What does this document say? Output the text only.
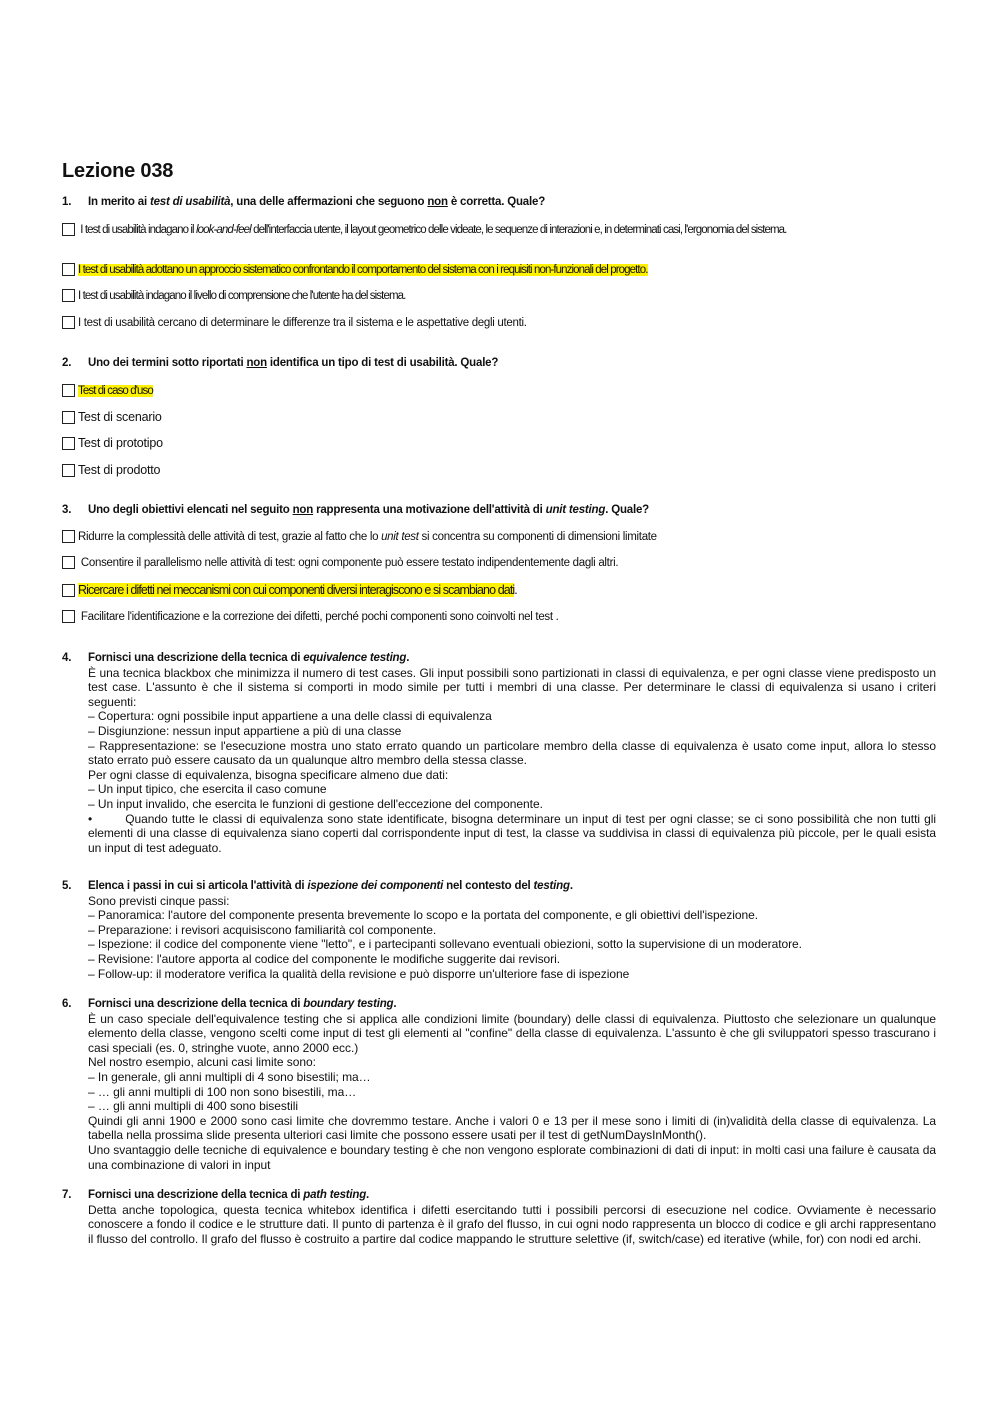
Lezione 038
1. In merito ai test di usabilità, una delle affermazioni che seguono non è corretta. Quale?
I test di usabilità indagano il look-and-feel dell'interfaccia utente, il layout geometrico delle videate, le sequenze di interazioni e, in determinati casi, l'ergonomia del sistema.
I test di usabilità adottano un approccio sistematico confrontando il comportamento del sistema con i requisiti non-funzionali del progetto.
I test di usabilità indagano il livello di comprensione che l'utente ha del sistema.
I test di usabilità cercano di determinare le differenze tra il sistema e le aspettative degli utenti.
2. Uno dei termini sotto riportati non identifica un tipo di test di usabilità. Quale?
Test di caso d'uso
Test di scenario
Test di prototipo
Test di prodotto
3. Uno degli obiettivi elencati nel seguito non rappresenta una motivazione dell'attività di unit testing. Quale?
Ridurre la complessità delle attività di test, grazie al fatto che lo unit test si concentra su componenti di dimensioni limitate
Consentire il parallelismo nelle attività di test: ogni componente può essere testato indipendentemente dagli altri.
Ricercare i difetti nei meccanismi con cui componenti diversi interagiscono e si scambiano dati.
Facilitare l'identificazione e la correzione dei difetti, perché pochi componenti sono coinvolti nel test .

4. Fornisci una descrizione della tecnica di equivalence testing.

È una tecnica blackbox che minimizza il numero di test cases. Gli input possibili sono partizionati in classi di equivalenza, e per ogni classe viene predisposto un test case. L'assunto è che il sistema si comporti in modo simile per tutti i membri di una classe. Per determinare le classi di equivalenza si usano i criteri seguenti:

– Copertura: ogni possibile input appartiene a una delle classi di equivalenza

– Disgiunzione: nessun input appartiene a più di una classe

– Rappresentazione: se l'esecuzione mostra uno stato errato quando un particolare membro della classe di equivalenza è usato come input, allora lo stesso stato errato può essere causato da un qualunque altro membro della stessa classe.

Per ogni classe di equivalenza, bisogna specificare almeno due dati:

– Un input tipico, che esercita il caso comune

– Un input invalido, che esercita le funzioni di gestione dell'eccezione del componente.

•        Quando tutte le classi di equivalenza sono state identificate, bisogna determinare un input di test per ogni classe; se ci sono possibilità che non tutti gli elementi di una classe di equivalenza siano coperti dal corrispondente input di test, la classe va suddivisa in classi di equivalenza più piccole, per le quali esista un input di test adeguato.

5. Elenca i passi in cui si articola l'attività di ispezione dei componenti nel contesto del testing.

Sono previsti cinque passi:

– Panoramica: l'autore del componente presenta brevemente lo scopo e la portata del componente, e gli obiettivi dell'ispezione.

– Preparazione: i revisori acquisiscono familiarità col componente.

– Ispezione: il codice del componente viene "letto", e i partecipanti sollevano eventuali obiezioni, sotto la supervisione di un moderatore.

– Revisione: l'autore apporta al codice del componente le modifiche suggerite dai revisori.

– Follow-up: il moderatore verifica la qualità della revisione e può disporre un'ulteriore fase di ispezione

6. Fornisci una descrizione della tecnica di boundary testing.

È un caso speciale dell'equivalence testing che si applica alle condizioni limite (boundary) delle classi di equivalenza. Piuttosto che selezionare un qualunque elemento della classe, vengono scelti come input di test gli elementi al "confine" della classe di equivalenza. L'assunto è che gli sviluppatori spesso trascurano i casi speciali (es. 0, stringhe vuote, anno 2000 ecc.)

Nel nostro esempio, alcuni casi limite sono:

– In generale, gli anni multipli di 4 sono bisestili; ma…

– … gli anni multipli di 100 non sono bisestili, ma…

– … gli anni multipli di 400 sono bisestili

Quindi gli anni 1900 e 2000 sono casi limite che dovremmo testare. Anche i valori 0 e 13 per il mese sono i limiti di (in)validità della classe di equivalenza. La tabella nella prossima slide presenta ulteriori casi limite che possono essere usati per il test di getNumDaysInMonth().

Uno svantaggio delle tecniche di equivalence e boundary testing è che non vengono esplorate combinazioni di dati di input: in molti casi una failure è causata da una combinazione di valori in input

7. Fornisci una descrizione della tecnica di path testing.

Detta anche topologica, questa tecnica whitebox identifica i difetti esercitando tutti i possibili percorsi di esecuzione nel codice. Ovviamente è necessario conoscere a fondo il codice e le strutture dati. Il punto di partenza è il grafo del flusso, in cui ogni nodo rappresenta un blocco di codice e gli archi rappresentano il flusso del controllo. Il grafo del flusso è costruito a partire dal codice mappando le strutture selettive (if, switch/case) ed iterative (while, for) con nodi ed archi.
